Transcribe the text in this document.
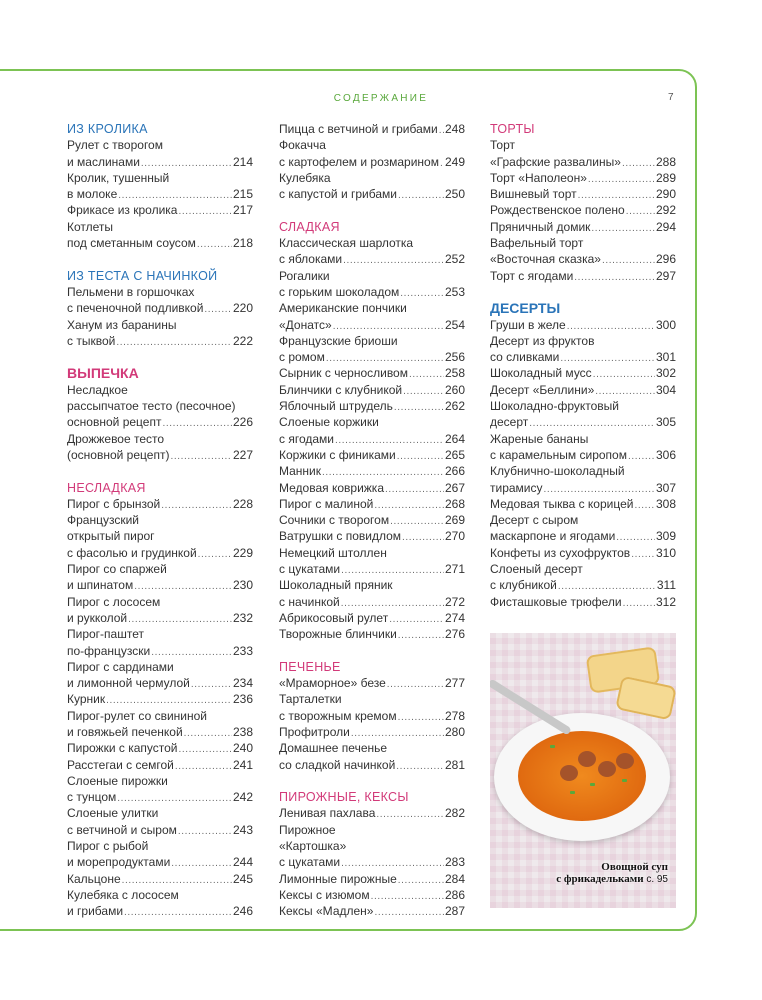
СОДЕРЖАНИЕ	7
ИЗ КРОЛИКА
Рулет с творогом
и маслинами .....	214
Кролик, тушенный
в молоке .....	215
Фрикасе из кролика .....	217
Котлеты
под сметанным соусом .....	218
ИЗ ТЕСТА С НАЧИНКОЙ
Пельмени в горшочках
с печеночной подливкой ..... 220
Ханум из баранины
с тыквой .....	222
ВЫПЕЧКА
Несладкое
рассыпчатое тесто (песочное)
основной рецепт .....	226
Дрожжевое тесто
(основной рецепт) .....	227
НЕСЛАДКАЯ
Пирог с брынзой .....	228
Французский
открытый пирог
с фасолью и грудинкой .....	229
Пирог со спаржей
и шпинатом .....	230
Пирог с лососем
и рукколой .....	232
Пирог-паштет
по-французски .....	233
Пирог с сардинами
и лимонной чермулой .....	234
Курник .....	236
Пирог-рулет со свининой
и говяжьей печенкой .....	238
Пирожки с капустой .....	240
Расстегаи с семгой .....	241
Слоеные пирожки
с тунцом .....	242
Слоеные улитки
с ветчиной и сыром .....	243
Пирог с рыбой
и морепродуктами .....	244
Кальцоне .....	245
Кулебяка с лососем
и грибами .....	246
Пицца с ветчиной и грибами ..... 248
Фокачча
с картофелем и розмарином ..... 249
Кулебяка
с капустой и грибами .....	250
СЛАДКАЯ
Классическая шарлотка
с яблоками .....	252
Рогалики
с горьким шоколадом .....	253
Американские пончики
«Донатс» .....	254
Французские бриоши
с ромом .....	256
Сырник с черносливом .....	258
Блинчики с клубникой .....	260
Яблочный штрудель .....	262
Слоеные коржики
с ягодами .....	264
Коржики с финиками .....	265
Манник .....	266
Медовая коврижка .....	267
Пирог с малиной .....	268
Сочники с творогом .....	269
Ватрушки с повидлом .....	270
Немецкий штоллен
с цукатами .....	271
Шоколадный пряник
с начинкой .....	272
Абрикосовый рулет .....	274
Творожные блинчики .....	276
ПЕЧЕНЬЕ
«Мраморное» безе .....	277
Тарталетки
с творожным кремом .....	278
Профитроли .....	280
Домашнее печенье
со сладкой начинкой .....	281
ПИРОЖНЫЕ, КЕКСЫ
Ленивая пахлава .....	282
Пирожное
«Картошка»
с цукатами .....	283
Лимонные пирожные .....	284
Кексы с изюмом .....	286
Кексы «Мадлен» .....	287
ТОРТЫ
Торт
«Графские развалины» .....	288
Торт «Наполеон» .....	289
Вишневый торт .....	290
Рождественское полено .....	292
Пряничный домик .....	294
Вафельный торт
«Восточная сказка» .....	296
Торт с ягодами .....	297
ДЕСЕРТЫ
Груши в желе .....	300
Десерт из фруктов
со сливками .....	301
Шоколадный мусс .....	302
Десерт «Беллини» .....	304
Шоколадно-фруктовый
десерт .....	305
Жареные бананы
с карамельным сиропом ..... 306
Клубнично-шоколадный
тирамису .....	307
Медовая тыква с корицей ..... 308
Десерт с сыром
маскарпоне и ягодами .....	309
Конфеты из сухофруктов ..... 310
Слоеный десерт
с клубникой .....	311
Фисташковые трюфели .....	312
Овощной суп
с фрикадельками с. 95
